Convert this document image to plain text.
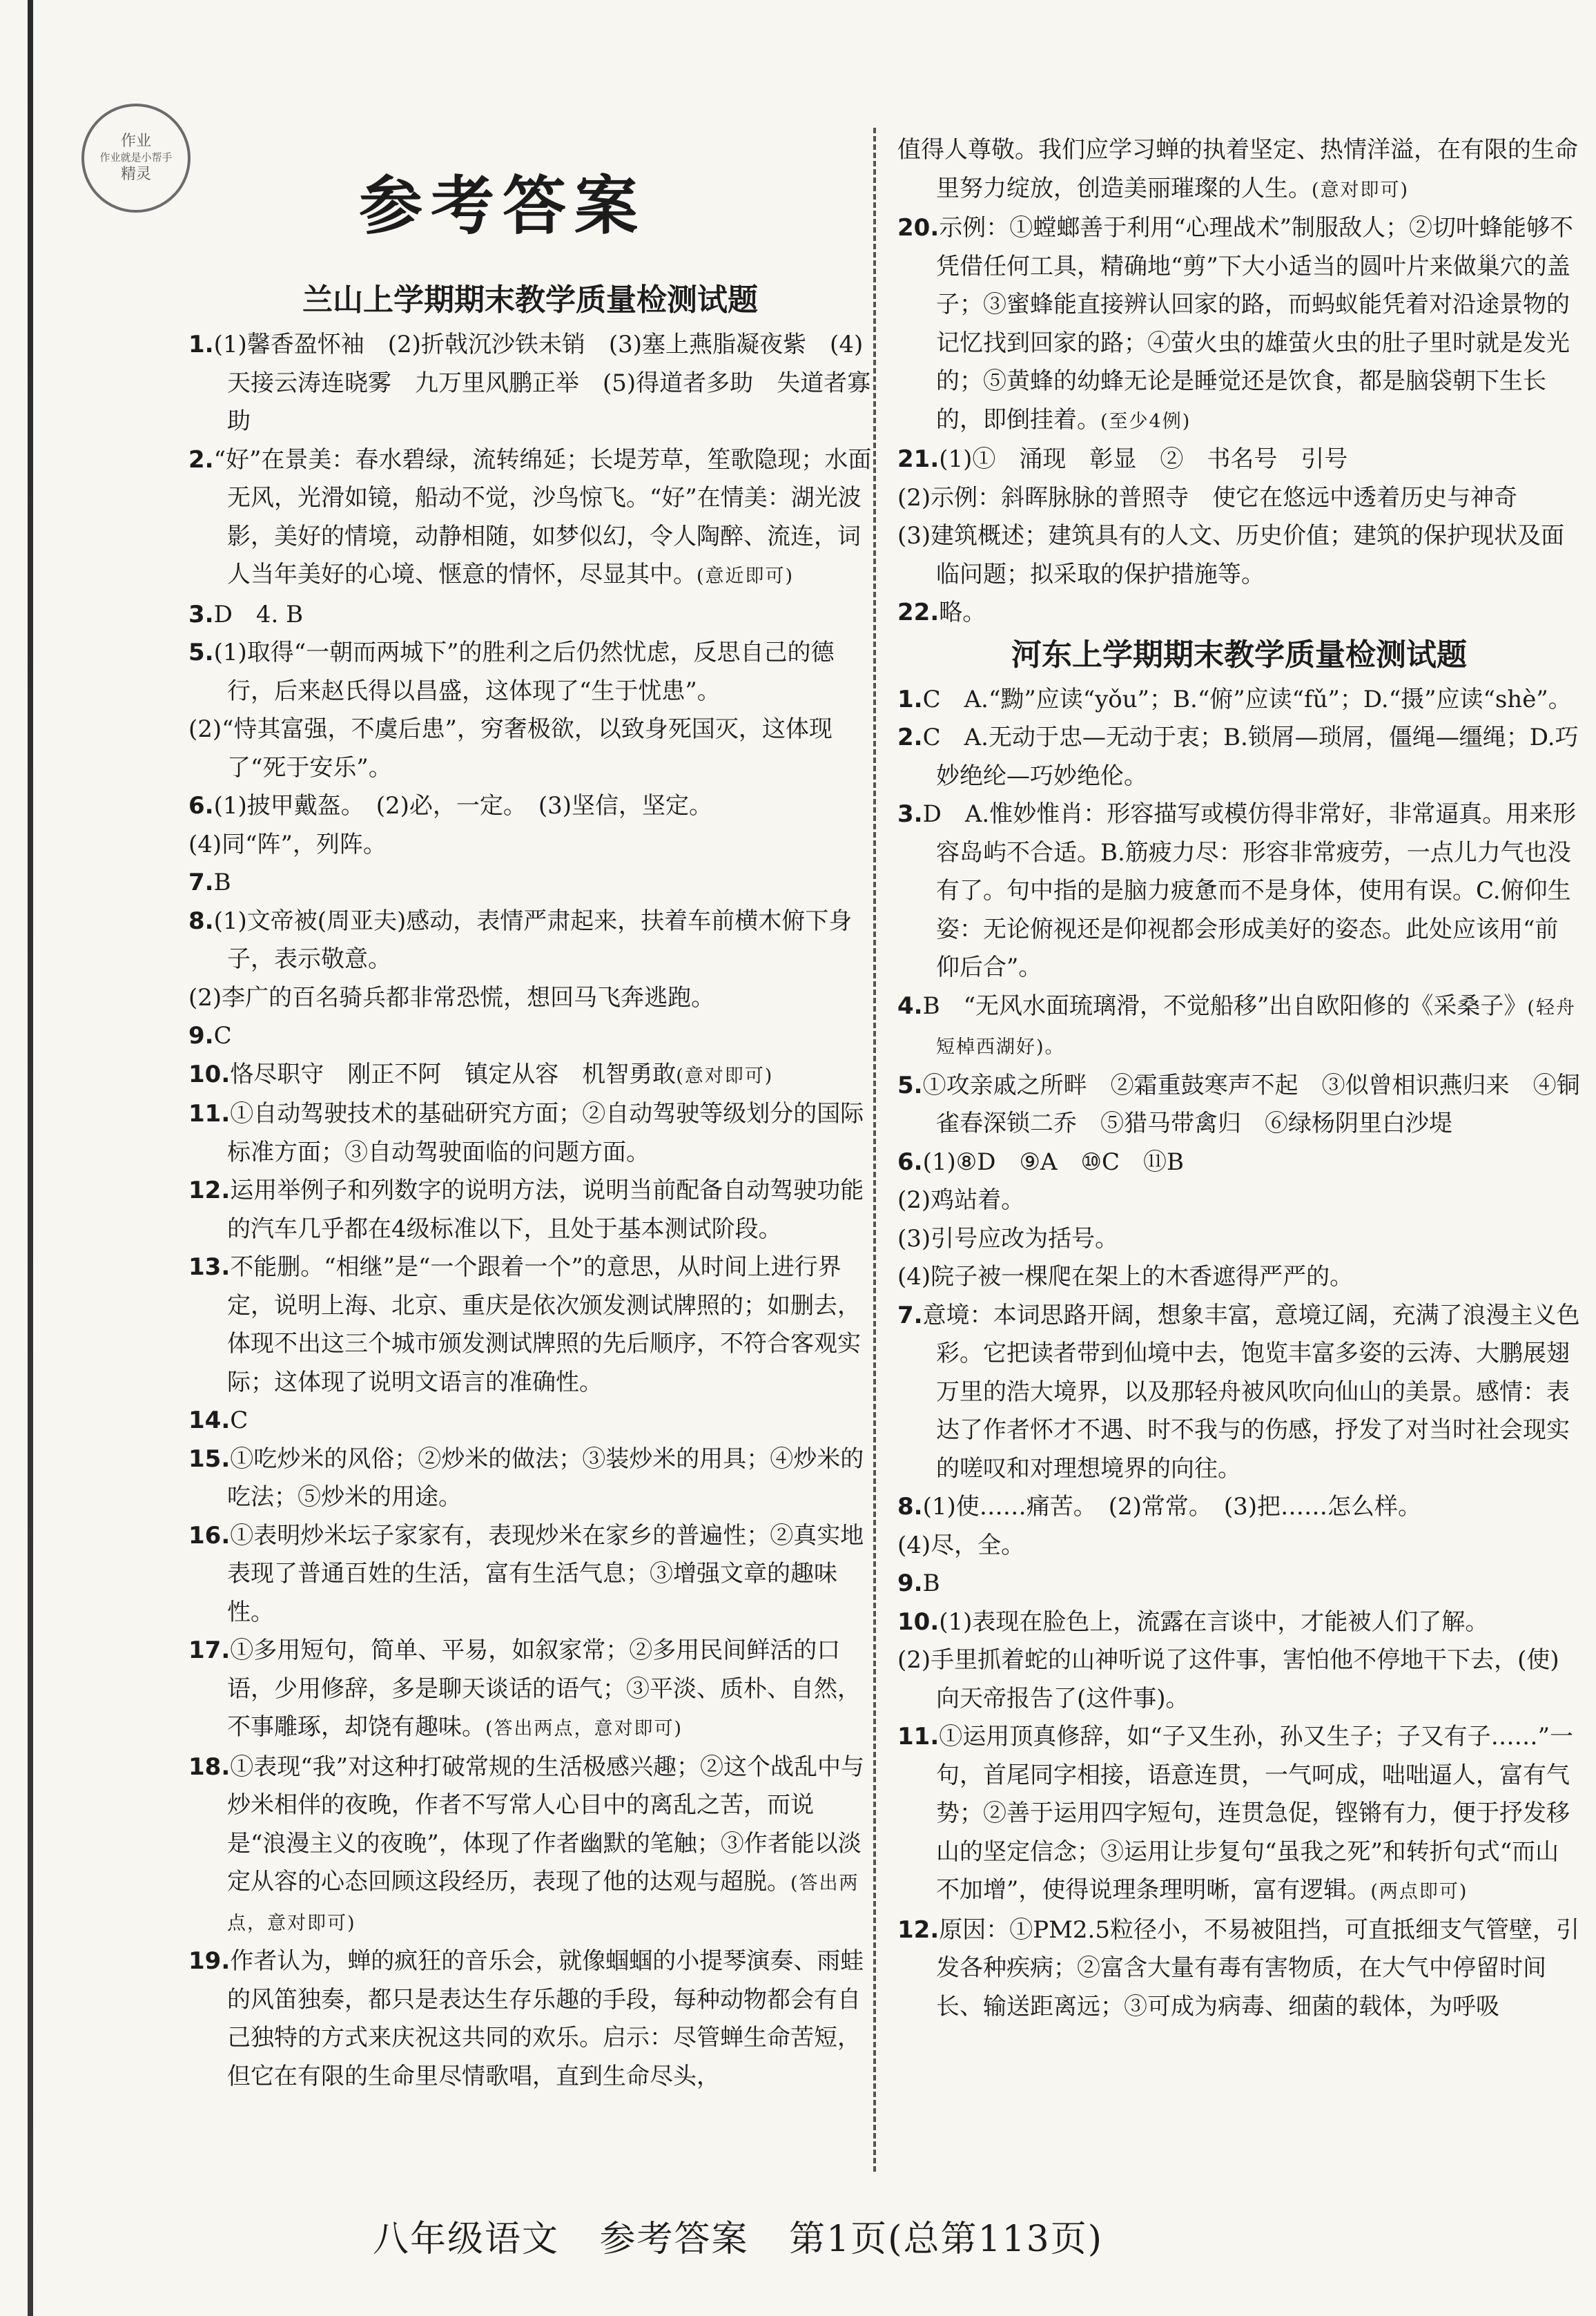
作业
作业就是小帮手
精灵	参考答案
兰山上学期期末教学质量检测试题

1.(1)馨香盈怀袖　(2)折戟沉沙铁未销　(3)塞上燕脂凝夜紫　(4)天接云涛连晓雾　九万里风鹏正举　(5)得道者多助　失道者寡助

2.“好”在景美：春水碧绿，流转绵延；长堤芳草，笙歌隐现；水面无风，光滑如镜，船动不觉，沙鸟惊飞。“好”在情美：湖光波影，美好的情境，动静相随，如梦似幻，令人陶醉、流连，词人当年美好的心境、惬意的情怀，尽显其中。(意近即可)

3.D　4. B

5.(1)取得“一朝而两城下”的胜利之后仍然忧虑，反思自己的德行，后来赵氏得以昌盛，这体现了“生于忧患”。

(2)“恃其富强，不虞后患”，穷奢极欲，以致身死国灭，这体现了“死于安乐”。

6.(1)披甲戴盔。　(2)必，一定。　(3)坚信，坚定。

(4)同“阵”，列阵。

7.B

8.(1)文帝被(周亚夫)感动，表情严肃起来，扶着车前横木俯下身子，表示敬意。

(2)李广的百名骑兵都非常恐慌，想回马飞奔逃跑。

9.C

10.恪尽职守　刚正不阿　镇定从容　机智勇敢(意对即可)

11.①自动驾驶技术的基础研究方面；②自动驾驶等级划分的国际标准方面；③自动驾驶面临的问题方面。

12.运用举例子和列数字的说明方法，说明当前配备自动驾驶功能的汽车几乎都在4级标准以下，且处于基本测试阶段。

13.不能删。“相继”是“一个跟着一个”的意思，从时间上进行界定，说明上海、北京、重庆是依次颁发测试牌照的；如删去，体现不出这三个城市颁发测试牌照的先后顺序，不符合客观实际；这体现了说明文语言的准确性。

14.C

15.①吃炒米的风俗；②炒米的做法；③装炒米的用具；④炒米的吃法；⑤炒米的用途。

16.①表明炒米坛子家家有，表现炒米在家乡的普遍性；②真实地表现了普通百姓的生活，富有生活气息；③增强文章的趣味性。

17.①多用短句，简单、平易，如叙家常；②多用民间鲜活的口语，少用修辞，多是聊天谈话的语气；③平淡、质朴、自然，不事雕琢，却饶有趣味。(答出两点，意对即可)

18.①表现“我”对这种打破常规的生活极感兴趣；②这个战乱中与炒米相伴的夜晚，作者不写常人心目中的离乱之苦，而说是“浪漫主义的夜晚”，体现了作者幽默的笔触；③作者能以淡定从容的心态回顾这段经历，表现了他的达观与超脱。(答出两点，意对即可)

19.作者认为，蝉的疯狂的音乐会，就像蝈蝈的小提琴演奏、雨蛙的风笛独奏，都只是表达生存乐趣的手段，每种动物都会有自己独特的方式来庆祝这共同的欢乐。启示：尽管蝉生命苦短，但它在有限的生命里尽情歌唱，直到生命尽头，

值得人尊敬。我们应学习蝉的执着坚定、热情洋溢，在有限的生命里努力绽放，创造美丽璀璨的人生。(意对即可)

20.示例：①螳螂善于利用“心理战术”制服敌人；②切叶蜂能够不凭借任何工具，精确地“剪”下大小适当的圆叶片来做巢穴的盖子；③蜜蜂能直接辨认回家的路，而蚂蚁能凭着对沿途景物的记忆找到回家的路；④萤火虫的雄萤火虫的肚子里时就是发光的；⑤黄蜂的幼蜂无论是睡觉还是饮食，都是脑袋朝下生长的，即倒挂着。(至少4例)

21.(1)①　涌现　彰显　②　书名号　引号

(2)示例：斜晖脉脉的普照寺　使它在悠远中透着历史与神奇

(3)建筑概述；建筑具有的人文、历史价值；建筑的保护现状及面临问题；拟采取的保护措施等。

22.略。

河东上学期期末教学质量检测试题

1.C　A.“黝”应读“yǒu”；B.“俯”应读“fǔ”；D.“摄”应读“shè”。

2.C　A.无动于忠—无动于衷；B.锁屑—琐屑，僵绳—缰绳；D.巧妙绝纶—巧妙绝伦。

3.D　A.惟妙惟肖：形容描写或模仿得非常好，非常逼真。用来形容岛屿不合适。B.筋疲力尽：形容非常疲劳，一点儿力气也没有了。句中指的是脑力疲惫而不是身体，使用有误。C.俯仰生姿：无论俯视还是仰视都会形成美好的姿态。此处应该用“前仰后合”。

4.B　“无风水面琉璃滑，不觉船移”出自欧阳修的《采桑子》(轻舟短棹西湖好)。

5.①攻亲戚之所畔　②霜重鼓寒声不起　③似曾相识燕归来　④铜雀春深锁二乔　⑤猎马带禽归　⑥绿杨阴里白沙堤

6.(1)⑧D　⑨A　⑩C　⑪B

(2)鸡站着。

(3)引号应改为括号。

(4)院子被一棵爬在架上的木香遮得严严的。

7.意境：本词思路开阔，想象丰富，意境辽阔，充满了浪漫主义色彩。它把读者带到仙境中去，饱览丰富多姿的云涛、大鹏展翅万里的浩大境界，以及那轻舟被风吹向仙山的美景。感情：表达了作者怀才不遇、时不我与的伤感，抒发了对当时社会现实的嗟叹和对理想境界的向往。

8.(1)使……痛苦。　(2)常常。　(3)把……怎么样。

(4)尽，全。

9.B

10.(1)表现在脸色上，流露在言谈中，才能被人们了解。

(2)手里抓着蛇的山神听说了这件事，害怕他不停地干下去，(使)向天帝报告了(这件事)。

11.①运用顶真修辞，如“子又生孙，孙又生子；子又有子……”一句，首尾同字相接，语意连贯，一气呵成，咄咄逼人，富有气势；②善于运用四字短句，连贯急促，铿锵有力，便于抒发移山的坚定信念；③运用让步复句“虽我之死”和转折句式“而山不加增”，使得说理条理明晰，富有逻辑。(两点即可)

12.原因：①PM2.5粒径小，不易被阻挡，可直抵细支气管壁，引发各种疾病；②富含大量有毒有害物质，在大气中停留时间长、输送距离远；③可成为病毒、细菌的载体，为呼吸

八年级语文 参考答案 第1页(总第113页)
